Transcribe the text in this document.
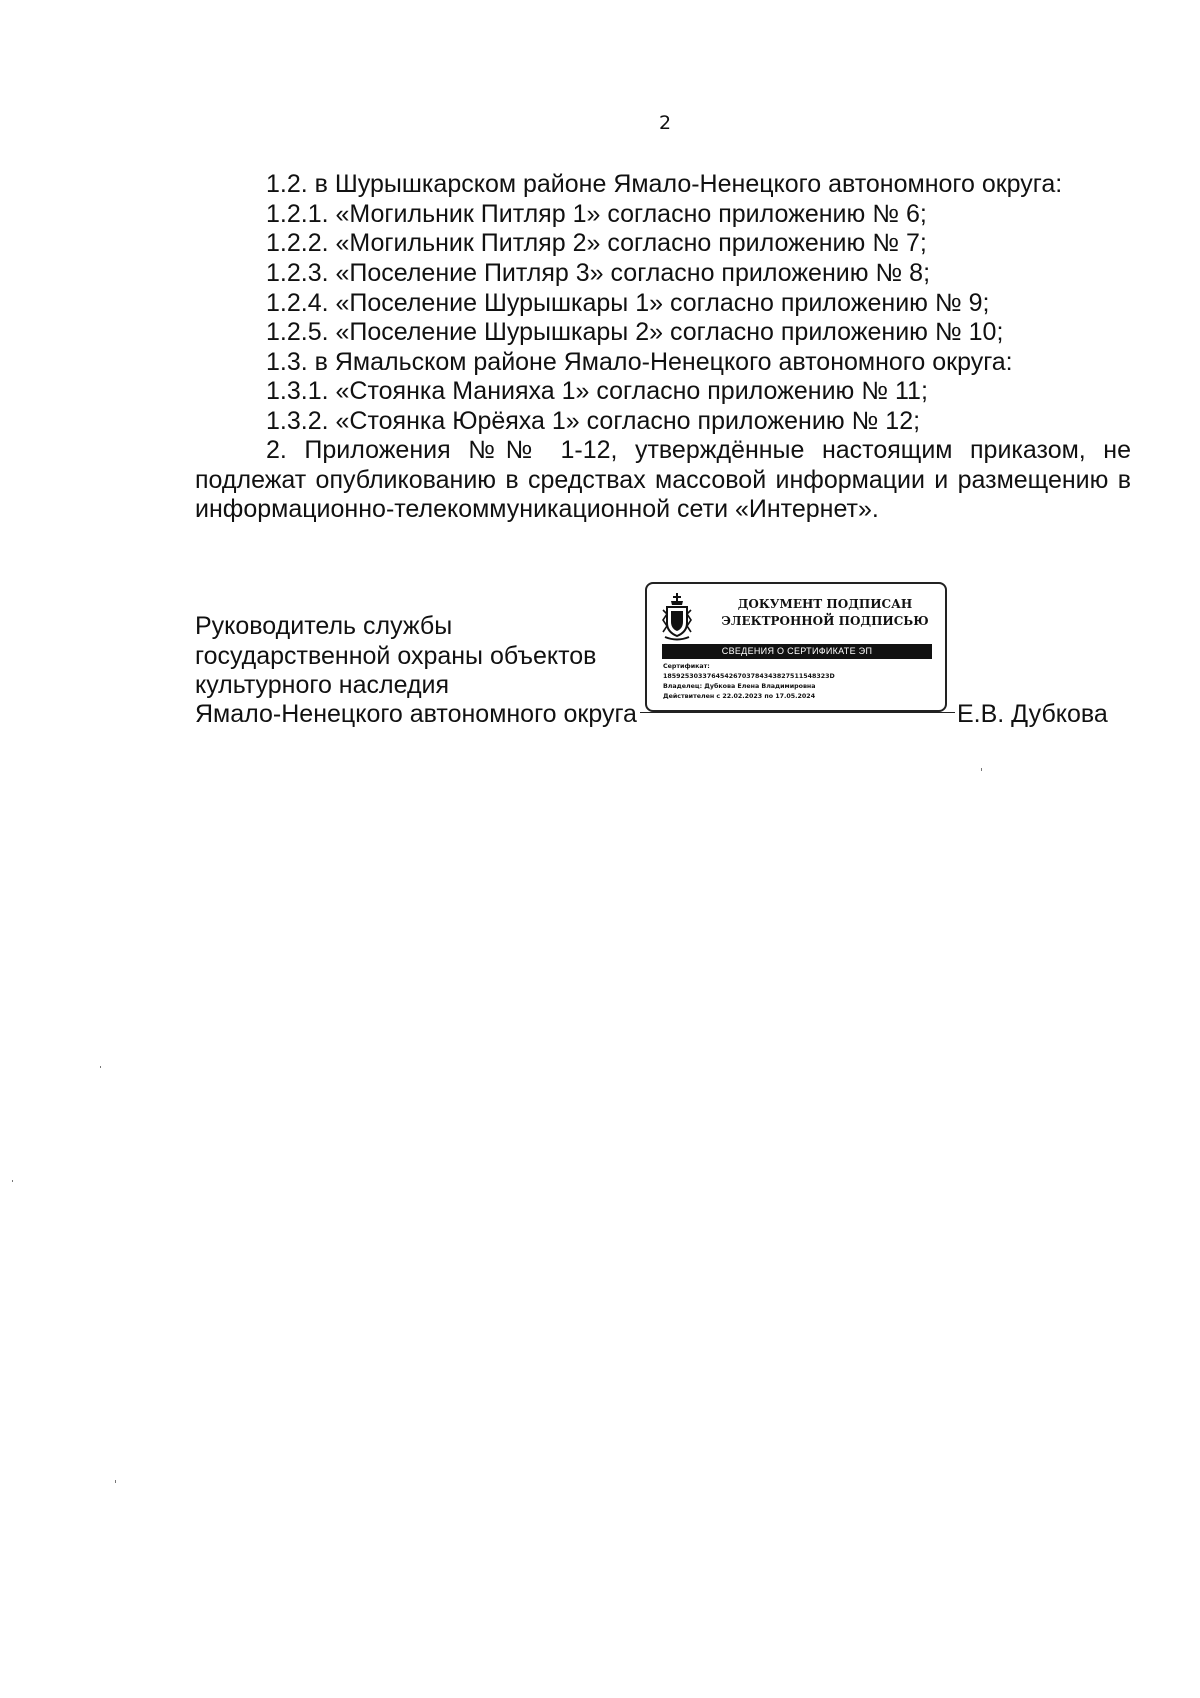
2
1.2. в Шурышкарском районе Ямало-Ненецкого автономного округа:
1.2.1. «Могильник Питляр 1» согласно приложению № 6;
1.2.2. «Могильник Питляр 2» согласно приложению № 7;
1.2.3. «Поселение Питляр 3» согласно приложению № 8;
1.2.4. «Поселение Шурышкары 1» согласно приложению № 9;
1.2.5. «Поселение Шурышкары 2» согласно приложению № 10;
1.3. в Ямальском районе Ямало-Ненецкого автономного округа:
1.3.1. «Стоянка Манияха 1» согласно приложению № 11;
1.3.2. «Стоянка Юрёяха 1» согласно приложению № 12;
2. Приложения №№ 1-12, утверждённые настоящим приказом, не
подлежат опубликованию в средствах массовой информации и размещению в
информационно-телекоммуникационной сети «Интернет».
Руководитель службы
государственной охраны объектов
культурного наследия
Ямало-Ненецкого автономного округа
ДОКУМЕНТ ПОДПИСАН
ЭЛЕКТРОННОЙ ПОДПИСЬЮ
СВЕДЕНИЯ О СЕРТИФИКАТЕ ЭП
Сертификат:
18592530337645426703784343827511548323D
Владелец: Дубкова Елена Владимировна
Действителен с 22.02.2023 по 17.05.2024
Е.В. Дубкова
